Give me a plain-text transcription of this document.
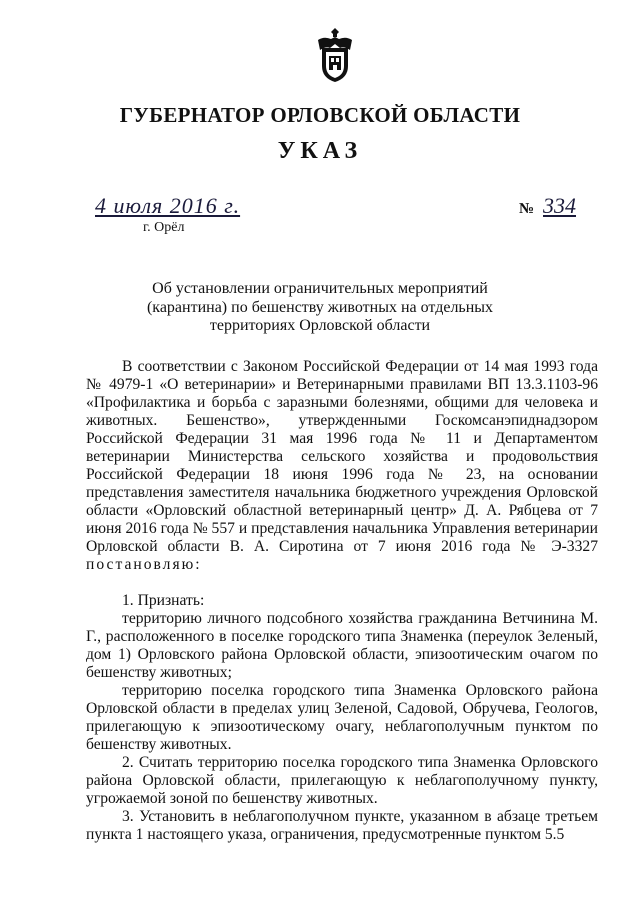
ГУБЕРНАТОР ОРЛОВСКОЙ ОБЛАСТИ
УКАЗ
4 июля 2016 г.
г. Орёл
№ 334
Об установлении ограничительных мероприятий
(карантина) по бешенству животных на отдельных
территориях Орловской области

В соответствии с Законом Российской Федерации от 14 мая 1993 года № 4979-1 «О ветеринарии» и Ветеринарными правилами ВП 13.3.1103-96 «Профилактика и борьба с заразными болезнями, общими для человека и животных. Бешенство», утвержденными Госкомсанэпиднадзором Российской Федерации 31 мая 1996 года № 11 и Департаментом ветеринарии Министерства сельского хозяйства и продовольствия Российской Федерации 18 июня 1996 года № 23, на основании представления заместителя начальника бюджетного учреждения Орловской области «Орловский областной ветеринарный центр» Д. А. Рябцева от 7 июня 2016 года № 557 и представления начальника Управления ветеринарии Орловской области В. А. Сиротина от 7 июня 2016 года № Э-3327 постановляю:

1. Признать:

территорию личного подсобного хозяйства гражданина Ветчинина М. Г., расположенного в поселке городского типа Знаменка (переулок Зеленый, дом 1) Орловского района Орловской области, эпизоотическим очагом по бешенству животных;

территорию поселка городского типа Знаменка Орловского района Орловской области в пределах улиц Зеленой, Садовой, Обручева, Геологов, прилегающую к эпизоотическому очагу, неблагополучным пунктом по бешенству животных.

2. Считать территорию поселка городского типа Знаменка Орловского района Орловской области, прилегающую к неблагополучному пункту, угрожаемой зоной по бешенству животных.

3. Установить в неблагополучном пункте, указанном в абзаце третьем пункта 1 настоящего указа, ограничения, предусмотренные пунктом 5.5
